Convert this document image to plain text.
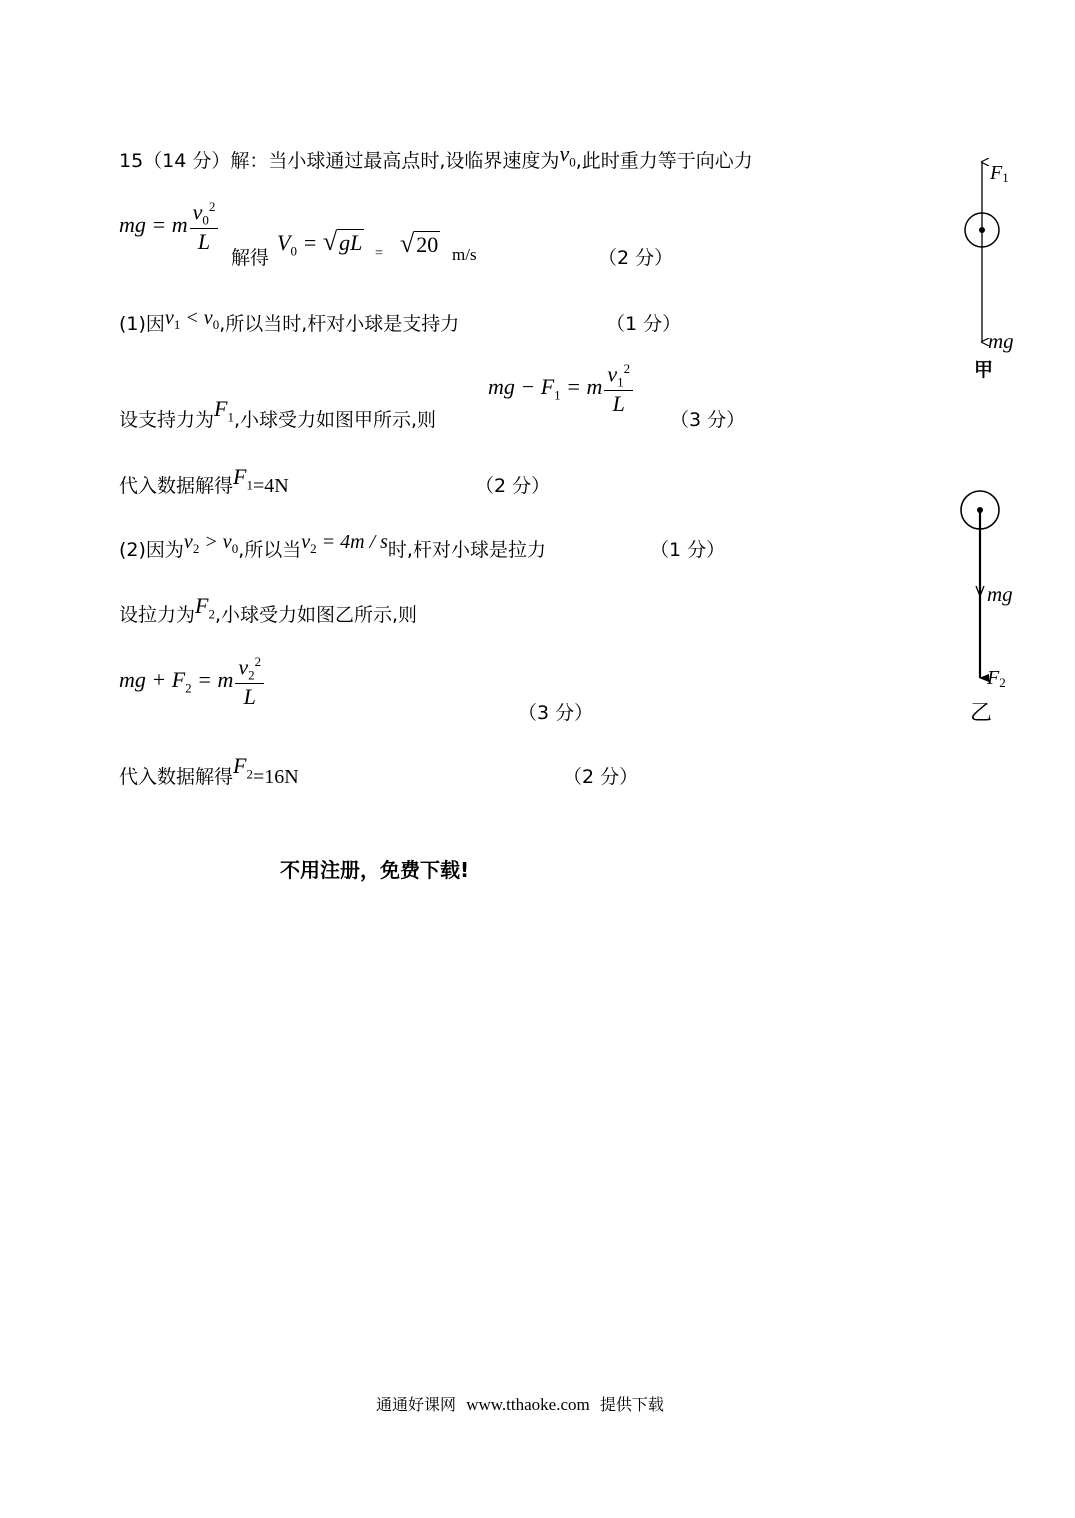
15（14 分）解：当小球通过最高点时,设临界速度为$v_0$,此时重力等于向心力
mg = m $\frac{v_0^2}{L}$
解得
$V_0 = √gL = √20$ m/s	（2 分）
(1)因$v_1 < v_0$,所以当时,杆对小球是支持力	（1 分）
mg − $F_1 = m \frac{v_1^2}{L}$
设支持力为$F_1$,小球受力如图甲所示,则	（3 分）
代入数据解得$F_1=4N$	（2 分）
(2)因为$v_2 > v_0$,所以当$v_2 = 4m / s$时,杆对小球是拉力	（1 分）
设拉力为$F_2$,小球受力如图乙所示,则
mg + $F_2 = m \frac{v_2^2}{L}$
（3 分）
代入数据解得$F_2=16N$	（2 分）
不用注册，免费下载!
通通好课网 www.tthaoke.com 提供下载
F1
mg
甲
mg
F2
乙
